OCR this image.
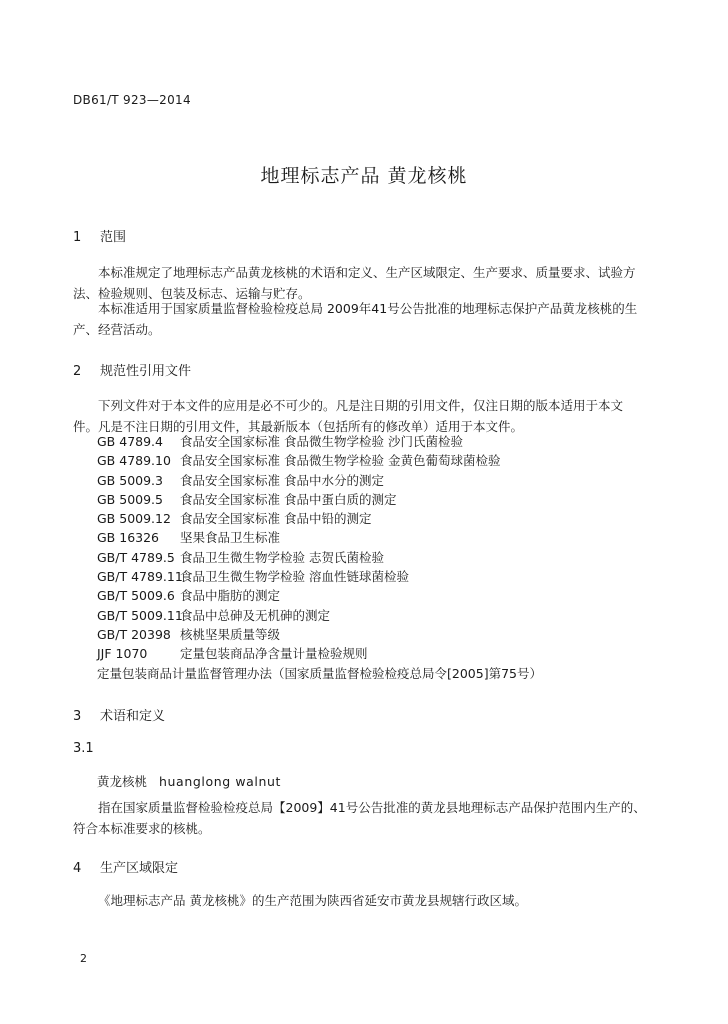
DB61/T 923—2014
地理标志产品 黄龙核桃
1 范围
本标准规定了地理标志产品黄龙核桃的术语和定义、生产区域限定、生产要求、质量要求、试验方
法、检验规则、包装及标志、运输与贮存。
本标准适用于国家质量监督检验检疫总局 2009年41号公告批准的地理标志保护产品黄龙核桃的生
产、经营活动。
2 规范性引用文件
下列文件对于本文件的应用是必不可少的。凡是注日期的引用文件，仅注日期的版本适用于本文
件。凡是不注日期的引用文件，其最新版本（包括所有的修改单）适用于本文件。
GB 4789.4 食品安全国家标准 食品微生物学检验 沙门氏菌检验
GB 4789.10 食品安全国家标准 食品微生物学检验 金黄色葡萄球菌检验
GB 5009.3 食品安全国家标准 食品中水分的测定
GB 5009.5 食品安全国家标准 食品中蛋白质的测定
GB 5009.12 食品安全国家标准 食品中铅的测定
GB 16326 坚果食品卫生标准
GB/T 4789.5 食品卫生微生物学检验 志贺氏菌检验
GB/T 4789.11食品卫生微生物学检验 溶血性链球菌检验
GB/T 5009.6 食品中脂肪的测定
GB/T 5009.11食品中总砷及无机砷的测定
GB/T 20398 核桃坚果质量等级
JJF 1070	定量包装商品净含量计量检验规则
定量包装商品计量监督管理办法（国家质量监督检验检疫总局令[2005]第75号）
3 术语和定义
3.1
黄龙核桃 huanglong walnut
指在国家质量监督检验检疫总局【2009】41号公告批准的黄龙县地理标志产品保护范围内生产的、
符合本标准要求的核桃。
4 生产区域限定
《地理标志产品 黄龙核桃》的生产范围为陕西省延安市黄龙县规辖行政区域。
2
